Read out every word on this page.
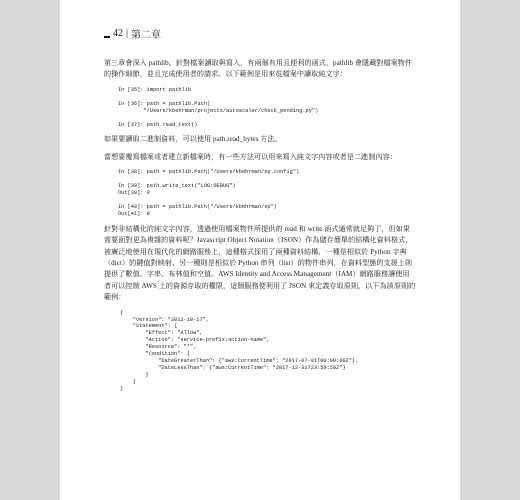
42 | 第二章

第三章會深入 pathlib。針對檔案讀取與寫入，有兩個有用且便利的函式，pathlib 會隱藏對檔案物件的操作細節，並且完成使用者的請求。以下範例是用來從檔案中讀取純文字：

In [35]: import pathlib

In [36]: path = pathlib.Path(
"/Users/kbehrman/projects/autoscaler/check_pending.py")

In [37]: path.read_text()

如果要讀取二進制資料，可以使用 path.read_bytes 方法。

當想要覆寫檔案或者建立新檔案時，有一些方法可以用來寫入純文字內容或者是二進制內容：

In [38]: path = pathlib.Path("/Users/kbehrman/sp.config")

In [39]: path.write_text("LOG:DEBUG")
Out[39]: 9

In [40]: path = pathlib.Path("/Users/kbehrman/sp")
Out[41]: 8

針對非結構化的純文字內容，透過使用檔案物件所提供的 read 和 write 函式通常就足夠了，但如果需要面對更為複雜的資料呢？Javascript Object Notation（JSON）作為儲存簡單的結構化資料格式，被廣泛地使用在現代化的網路服務上，這種格式採用了兩種資料結構，一種是相似於 Python 字典（dict）的鍵值對映射，另一種則是相似於 Python 串列（list）的物件串列，在資料型態的支援上則提供了數值、字串、布林值和空值。AWS Identity and Access Management（IAM）網路服務讓使用者可以控制 AWS 上的資源存取的權限，這個服務便利用了 JSON 來定義存取原則，以下為該原則的範例：

{
"Version": "2012-10-17",
"Statement": {
"Effect": "Allow",
"Action": "service-prefix:action-name",
"Resource": "*",
"Condition": {
"DateGreaterThan": {"aws:CurrentTime": "2017-07-01T00:00:00Z"},
"DateLessThan": {"aws:CurrentTime": "2017-12-31T23:59:59Z"}
}
}
}
